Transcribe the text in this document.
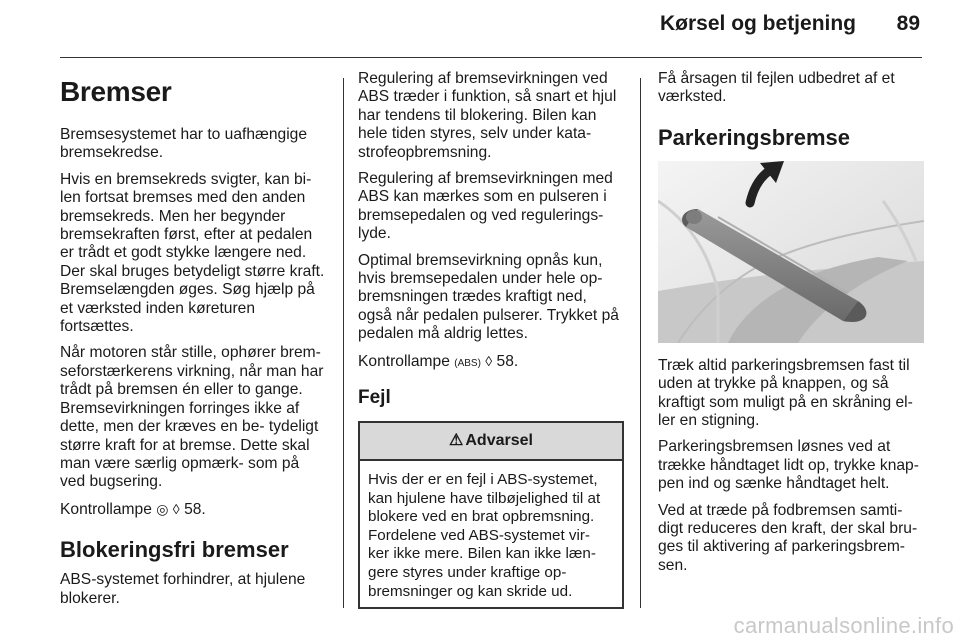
Kørsel og betjening 89
Bremser

Bremsesystemet har to uafhængige bremsekredse.

Hvis en bremsekreds svigter, kan bi- len fortsat bremses med den anden bremsekreds. Men her begynder bremsekraften først, efter at pedalen er trådt et godt stykke længere ned. Der skal bruges betydeligt større kraft. Bremselængden øges. Søg hjælp på et værksted inden køreturen fortsættes.

Når motoren står stille, ophører brem- seforstærkerens virkning, når man har trådt på bremsen én eller to gange. Bremsevirkningen forringes ikke af dette, men der kræves en be- tydeligt større kraft for at bremse. Dette skal man være særlig opmærk- som på ved bugsering.

Kontrollampe ◎ ◊ 58.

Blokeringsfri bremser

ABS-systemet forhindrer, at hjulene blokerer.

Regulering af bremsevirkningen ved ABS træder i funktion, så snart et hjul har tendens til blokering. Bilen kan hele tiden styres, selv under kata- strofeopbremsning.

Regulering af bremsevirkningen med ABS kan mærkes som en pulseren i bremsepedalen og ved regulerings- lyde.

Optimal bremsevirkning opnås kun, hvis bremsepedalen under hele op- bremsningen trædes kraftigt ned, også når pedalen pulserer. Trykket på pedalen må aldrig lettes.

Kontrollampe (ABS) ◊ 58.

Fejl
⚠ Advarsel
Hvis der er en fejl i ABS-systemet, kan hjulene have tilbøjelighed til at blokere ved en brat opbremsning. Fordelene ved ABS-systemet vir- ker ikke mere. Bilen kan ikke læn- gere styres under kraftige op- bremsninger og kan skride ud.

Få årsagen til fejlen udbedret af et værksted.

Parkeringsbremse

Træk altid parkeringsbremsen fast til uden at trykke på knappen, og så kraftigt som muligt på en skråning el- ler en stigning.

Parkeringsbremsen løsnes ved at trække håndtaget lidt op, trykke knap- pen ind og sænke håndtaget helt.

Ved at træde på fodbremsen samti- digt reduceres den kraft, der skal bru- ges til aktivering af parkeringsbrem- sen.

carmanualsonline.info
